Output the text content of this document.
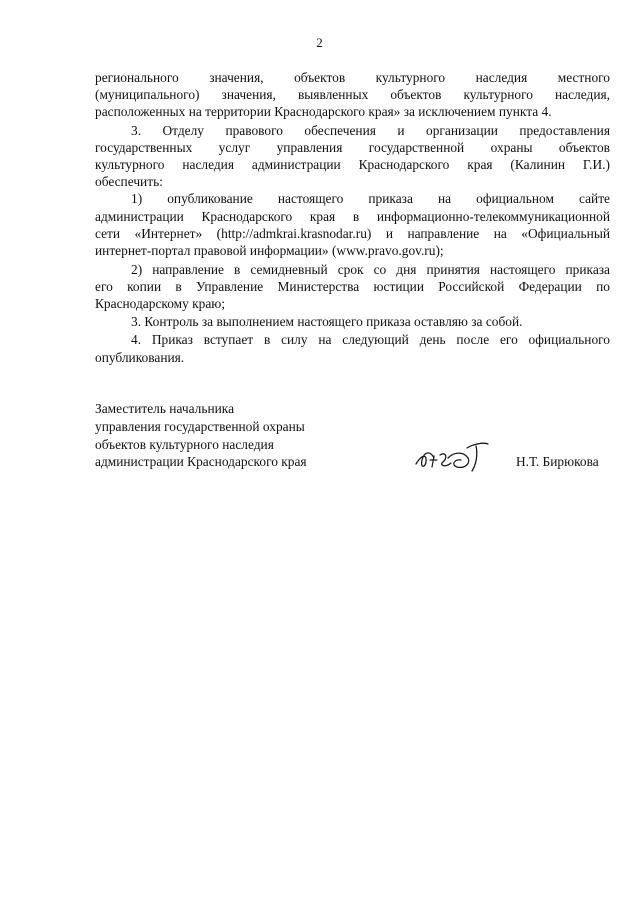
2
регионального значения, объектов культурного наследия местного
(муниципального) значения, выявленных объектов культурного наследия,
расположенных на территории Краснодарского края» за исключением пункта 4.
3. Отделу правового обеспечения и организации предоставления
государственных услуг управления государственной охраны объектов
культурного наследия администрации Краснодарского края (Калинин Г.И.)
обеспечить:
1) опубликование настоящего приказа на официальном сайте
администрации Краснодарского края в информационно-телекоммуникационной
сети «Интернет» (http://admkrai.krasnodar.ru) и направление на «Официальный
интернет-портал правовой информации» (www.pravo.gov.ru);
2) направление в семидневный срок со дня принятия настоящего приказа
его копии в Управление Министерства юстиции Российской Федерации по
Краснодарскому краю;
3. Контроль за выполнением настоящего приказа оставляю за собой.
4. Приказ вступает в силу на следующий день после его официального
опубликования.
Заместитель начальника
управления государственной охраны
объектов культурного наследия
администрации Краснодарского края	Н.Т. Бирюкова
